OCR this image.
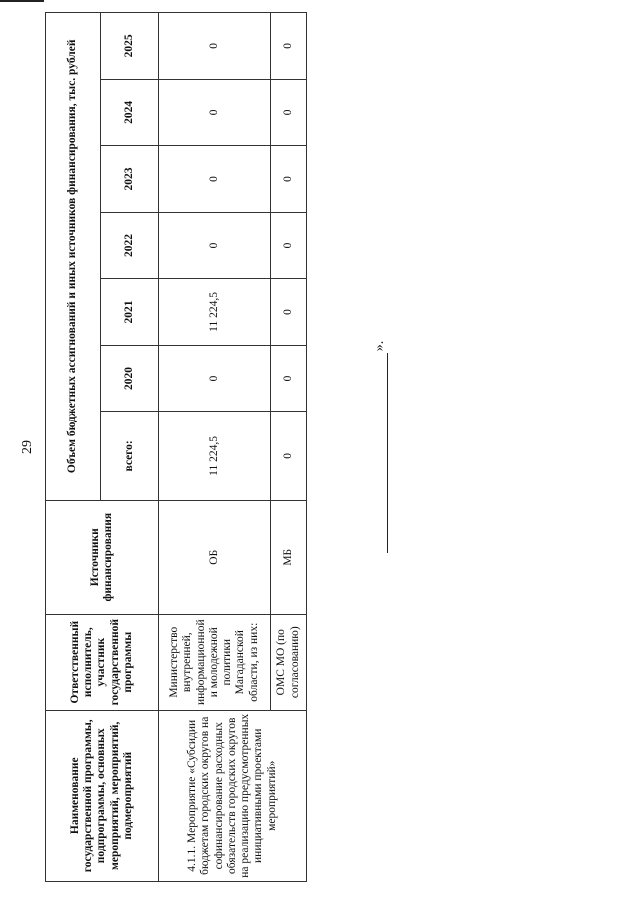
29
Наименование государственной программы, подпрограммы, основных мероприятий, мероприятий, подмероприятий	Ответственный исполнитель, участник государственной программы	Источники финансирования	Объем бюджетных ассигнований и иных источников финансирования, тыс. рублей						
			всего:	2020	2021	2022	2023	2024	2025
4.1.1. Мероприятие «Субсидии бюджетам городских округов на софинансирование расходных обязательств городских округов на реализацию предусмотренных инициативными проектами мероприятий»	Министерство внутренней, информационной и молодежной политики Магаданской области, из них:	ОБ	11 224,5	0	11 224,5	0	0	0	0
	ОМС МО (по согласованию)	МБ	0	0	0	0	0	0	0
».
